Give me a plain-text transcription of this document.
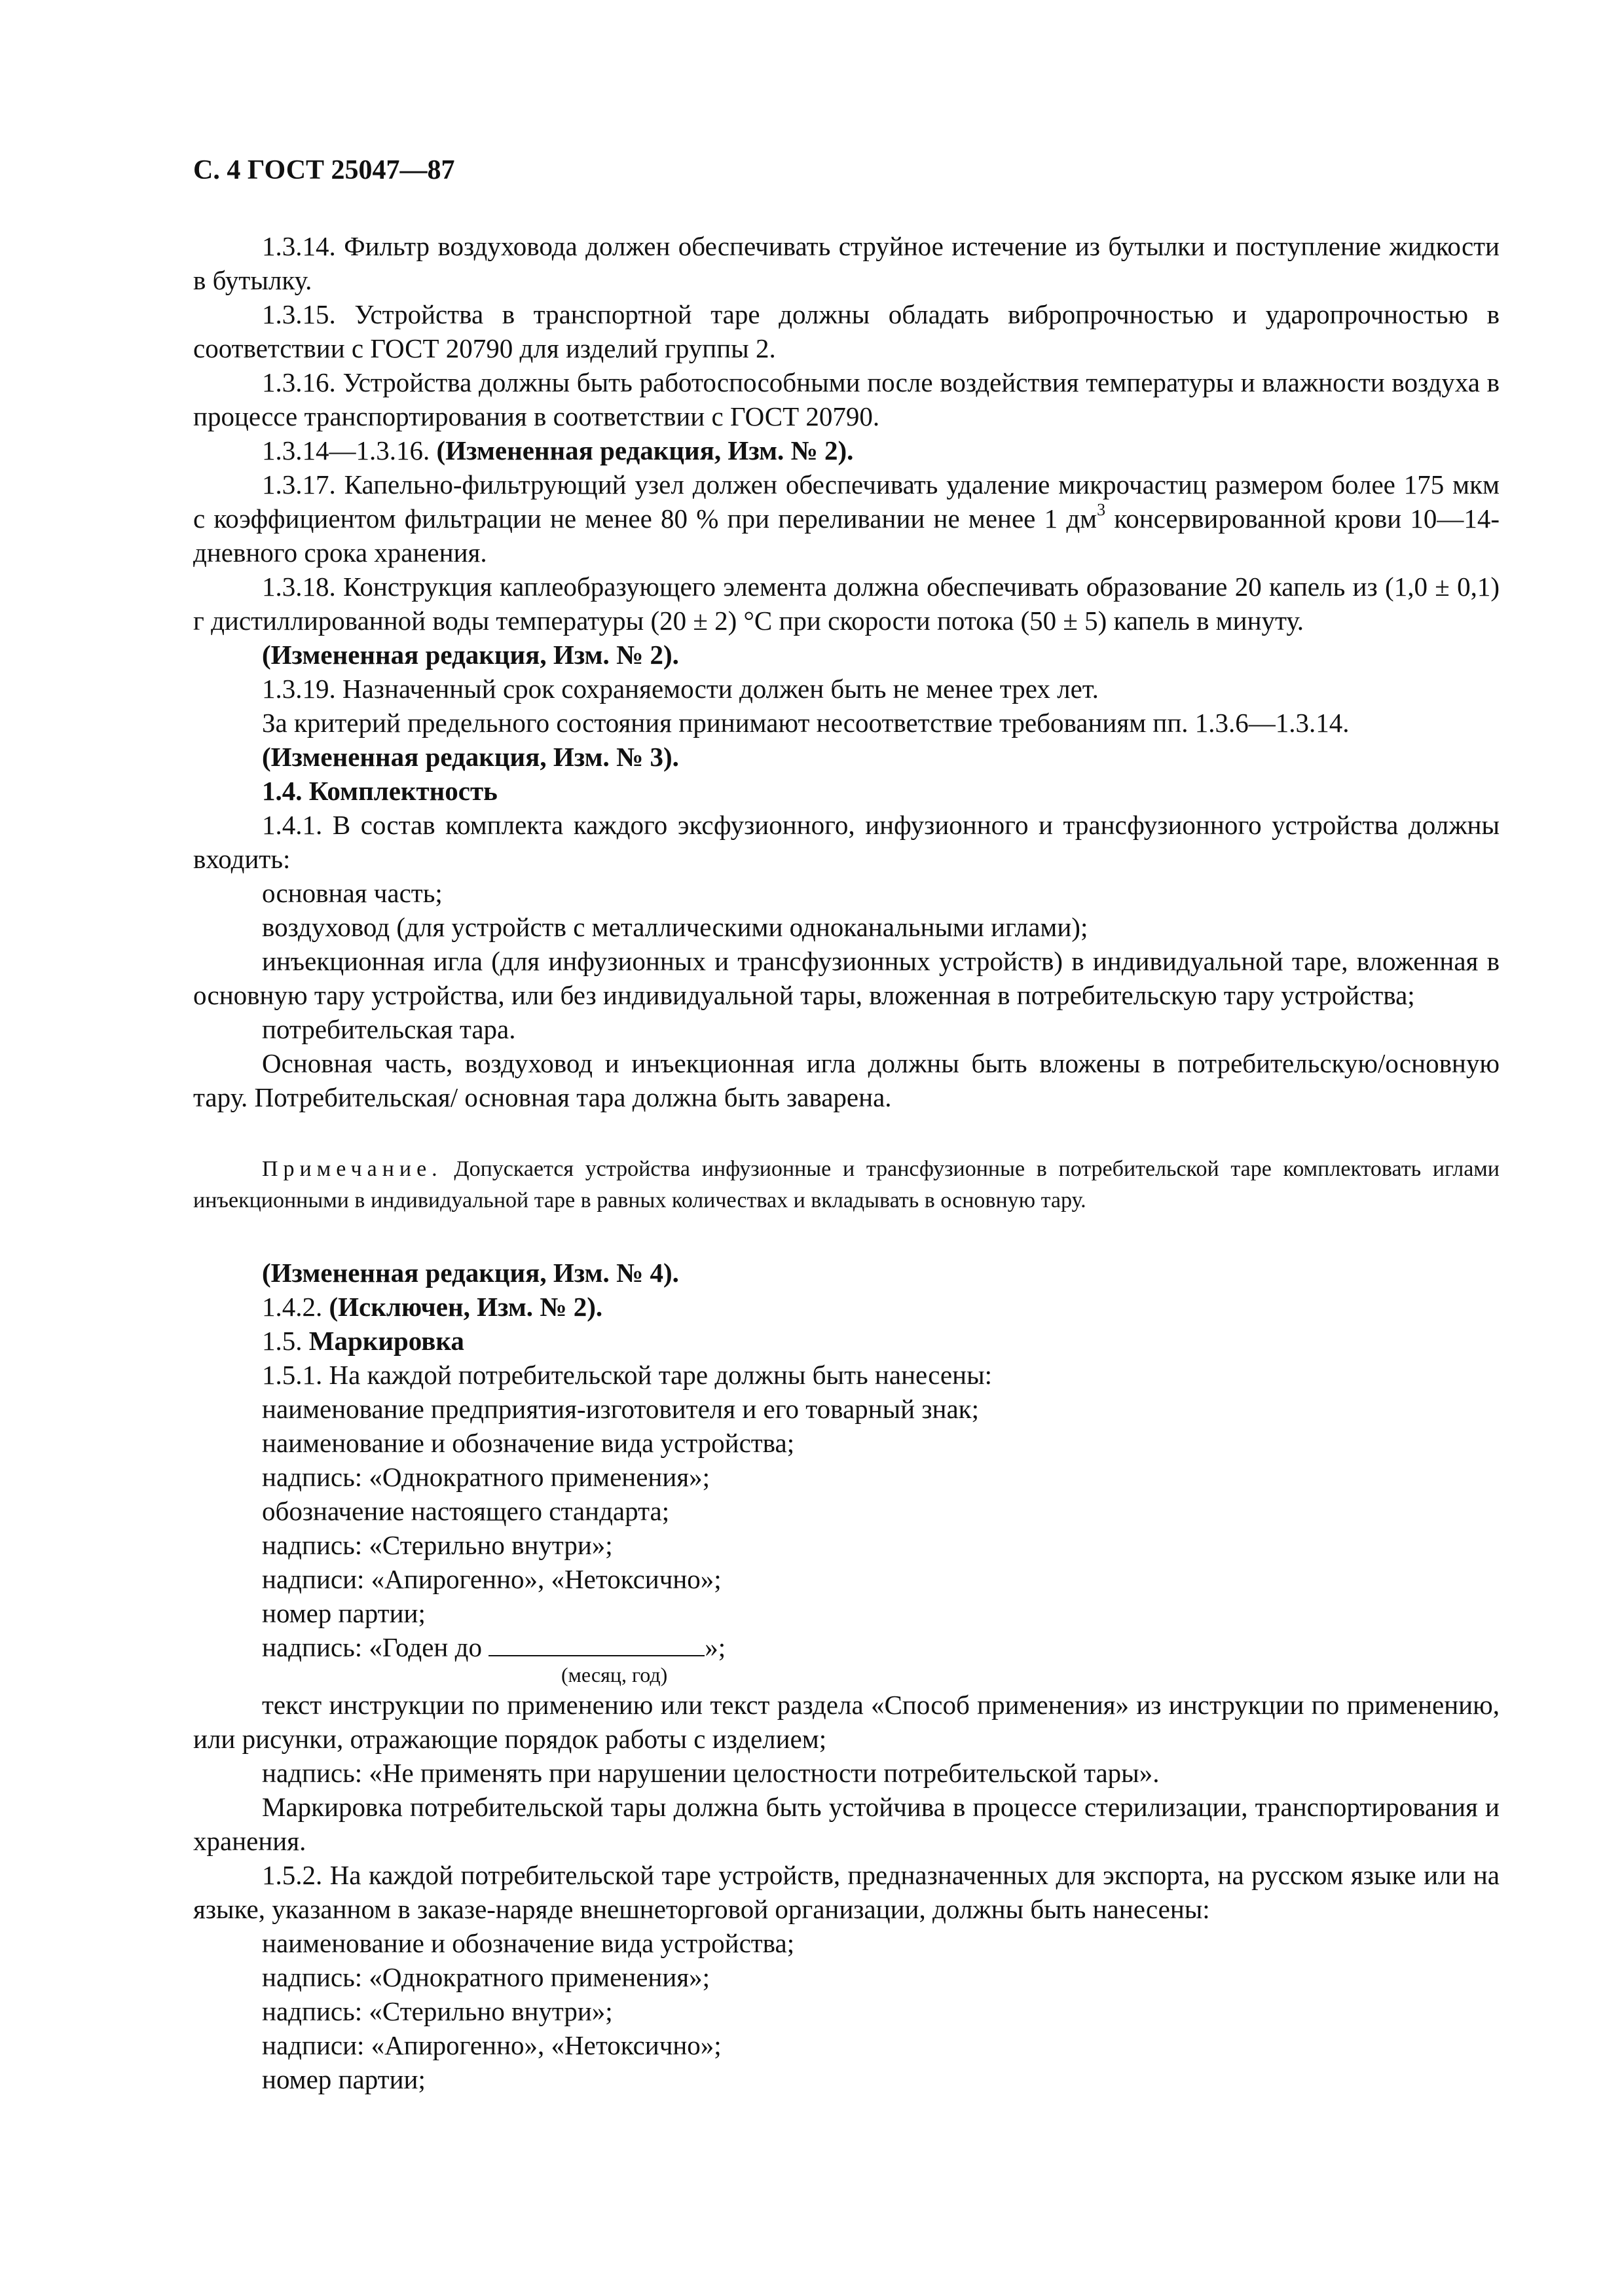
С. 4 ГОСТ 25047—87

1.3.14. Фильтр воздуховода должен обеспечивать струйное истечение из бутылки и поступление жидкости в бутылку.

1.3.15. Устройства в транспортной таре должны обладать вибропрочностью и ударопрочностью в соответствии с ГОСТ 20790 для изделий группы 2.

1.3.16. Устройства должны быть работоспособными после воздействия температуры и влажности воздуха в процессе транспортирования в соответствии с ГОСТ 20790.

1.3.14—1.3.16. (Измененная редакция, Изм. № 2).

1.3.17. Капельно-фильтрующий узел должен обеспечивать удаление микрочастиц размером более 175 мкм с коэффициентом фильтрации не менее 80 % при переливании не менее 1 $дм^3$ консервированной крови 10—14-дневного срока хранения.

1.3.18. Конструкция каплеобразующего элемента должна обеспечивать образование 20 капель из (1,0 ± 0,1) г дистиллированной воды температуры (20 ± 2) °С при скорости потока (50 ± 5) капель в минуту.

(Измененная редакция, Изм. № 2).

1.3.19. Назначенный срок сохраняемости должен быть не менее трех лет.

За критерий предельного состояния принимают несоответствие требованиям пп. 1.3.6—1.3.14.

(Измененная редакция, Изм. № 3).

1.4. Комплектность

1.4.1. В состав комплекта каждого эксфузионного, инфузионного и трансфузионного устройства должны входить:

основная часть;

воздуховод (для устройств с металлическими одноканальными иглами);

инъекционная игла (для инфузионных и трансфузионных устройств) в индивидуальной таре, вложенная в основную тару устройства, или без индивидуальной тары, вложенная в потребительскую тару устройства;

потребительская тара.

Основная часть, воздуховод и инъекционная игла должны быть вложены в потребительскую/основную тару. Потребительская/ основная тара должна быть заварена.

Примечание. Допускается устройства инфузионные и трансфузионные в потребительской таре комплектовать иглами инъекционными в индивидуальной таре в равных количествах и вкладывать в основную тару.

(Измененная редакция, Изм. № 4).

1.4.2. (Исключен, Изм. № 2).

1.5. Маркировка

1.5.1. На каждой потребительской таре должны быть нанесены:

наименование предприятия-изготовителя и его товарный знак;

наименование и обозначение вида устройства;

надпись: «Однократного применения»;

обозначение настоящего стандарта;

надпись: «Стерильно внутри»;

надписи: «Апирогенно», «Нетоксично»;

номер партии;

надпись: «Годен до	»;

(месяц, год)

текст инструкции по применению или текст раздела «Способ применения» из инструкции по применению, или рисунки, отражающие порядок работы с изделием;

надпись: «Не применять при нарушении целостности потребительской тары».

Маркировка потребительской тары должна быть устойчива в процессе стерилизации, транспортирования и хранения.

1.5.2. На каждой потребительской таре устройств, предназначенных для экспорта, на русском языке или на языке, указанном в заказе-наряде внешнеторговой организации, должны быть нанесены:

наименование и обозначение вида устройства;

надпись: «Однократного применения»;

надпись: «Стерильно внутри»;

надписи: «Апирогенно», «Нетоксично»;

номер партии;
